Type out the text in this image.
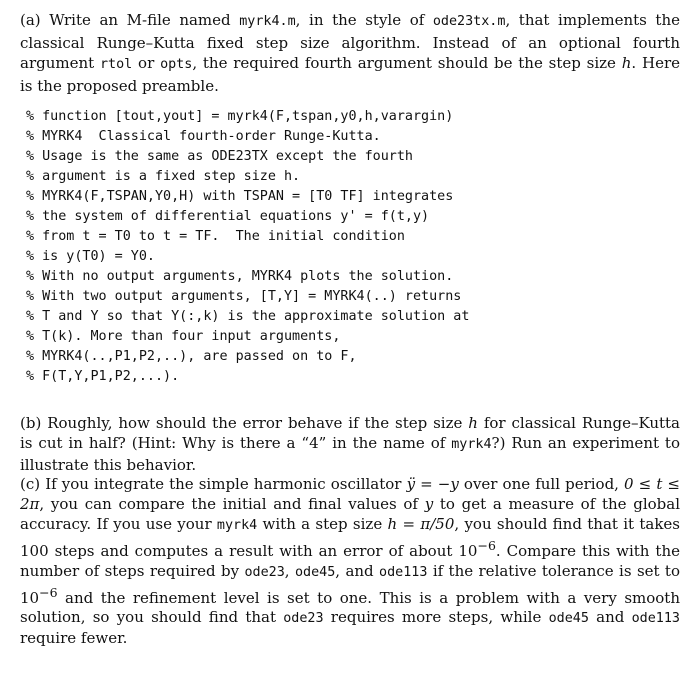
(a) Write an M-file named myrk4.m, in the style of ode23tx.m, that implements the classical Runge–Kutta fixed step size algorithm. Instead of an optional fourth argument rtol or opts, the required fourth argument should be the step size h. Here is the proposed preamble.

% function [tout,yout] = myrk4(F,tspan,y0,h,varargin)
% MYRK4  Classical fourth-order Runge-Kutta.
% Usage is the same as ODE23TX except the fourth
% argument is a fixed step size h.
% MYRK4(F,TSPAN,Y0,H) with TSPAN = [T0 TF] integrates
% the system of differential equations y' = f(t,y)
% from t = T0 to t = TF.  The initial condition
% is y(T0) = Y0.
% With no output arguments, MYRK4 plots the solution.
% With two output arguments, [T,Y] = MYRK4(..) returns
% T and Y so that Y(:,k) is the approximate solution at
% T(k). More than four input arguments,
% MYRK4(..,P1,P2,..), are passed on to F,
% F(T,Y,P1,P2,...).

(b) Roughly, how should the error behave if the step size h for classical Runge–Kutta is cut in half? (Hint: Why is there a “4” in the name of myrk4?) Run an experiment to illustrate this behavior.

(c) If you integrate the simple harmonic oscillator ÿ = −y over one full period, 0 ≤ t ≤ 2π, you can compare the initial and final values of y to get a measure of the global accuracy. If you use your myrk4 with a step size h = π/50, you should find that it takes 100 steps and computes a result with an error of about $10^{-6}$. Compare this with the number of steps required by ode23, ode45, and ode113 if the relative tolerance is set to $10^{-6}$ and the refinement level is set to one. This is a problem with a very smooth solution, so you should find that ode23 requires more steps, while ode45 and ode113 require fewer.
